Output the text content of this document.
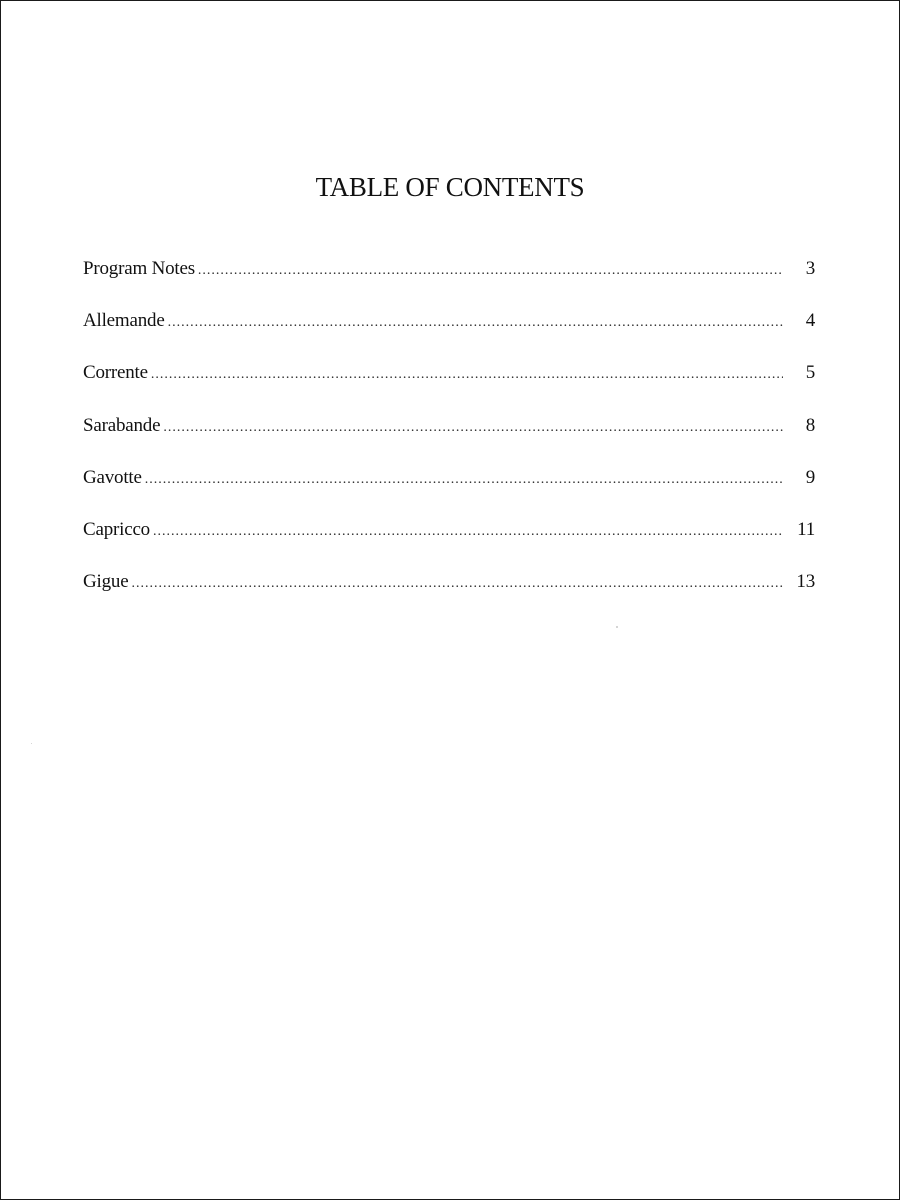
TABLE OF CONTENTS
Program Notes .....	3
Allemande .....	4
Corrente .....	5
Sarabande .....	8
Gavotte .....	9
Capricco .....	11
Gigue .....	13
